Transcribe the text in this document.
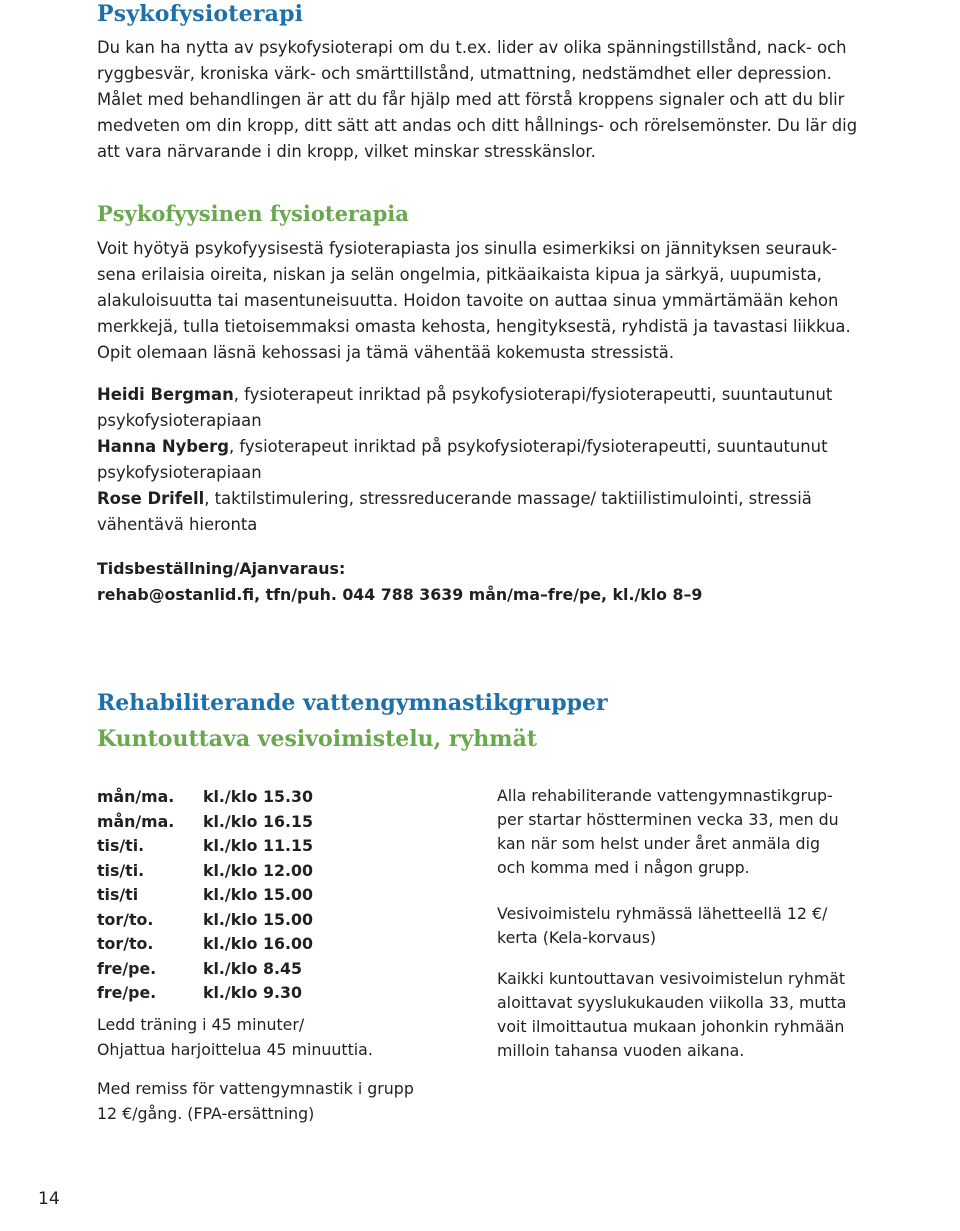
Psykofysioterapi
Du kan ha nytta av psykofysioterapi om du t.ex. lider av olika spänningstillstånd, nack- och
ryggbesvär, kroniska värk- och smärttillstånd, utmattning, nedstämdhet eller depression.
Målet med behandlingen är att du får hjälp med att förstå kroppens signaler och att du blir
medveten om din kropp, ditt sätt att andas och ditt hållnings- och rörelsemönster. Du lär dig
att vara närvarande i din kropp, vilket minskar stresskänslor.
Psykofyysinen fysioterapia
Voit hyötyä psykofyysisestä fysioterapiasta jos sinulla esimerkiksi on jännityksen seurauk-
sena erilaisia oireita, niskan ja selän ongelmia, pitkäaikaista kipua ja särkyä, uupumista,
alakuloisuutta tai masentuneisuutta. Hoidon tavoite on auttaa sinua ymmärtämään kehon
merkkejä, tulla tietoisemmaksi omasta kehosta, hengityksestä, ryhdistä ja tavastasi liikkua.
Opit olemaan läsnä kehossasi ja tämä vähentää kokemusta stressistä.
Heidi Bergman, fysioterapeut inriktad på psykofysioterapi/fysioterapeutti, suuntautunut
psykofysioterapiaan
Hanna Nyberg, fysioterapeut inriktad på psykofysioterapi/fysioterapeutti, suuntautunut
psykofysioterapiaan
Rose Drifell, taktilstimulering, stressreducerande massage/ taktiilistimulointi, stressiä
vähentävä hieronta
Tidsbeställning/Ajanvaraus:
rehab@ostanlid.fi, tfn/puh. 044 788 3639 mån/ma–fre/pe, kl./klo 8–9
Rehabiliterande vattengymnastikgrupper
Kuntouttava vesivoimistelu, ryhmät
mån/ma. kl./klo 15.30
mån/ma. kl./klo 16.15
tis/ti.	kl./klo 11.15
tis/ti.	kl./klo 12.00
tis/ti	kl./klo 15.00
tor/to.	kl./klo 15.00
tor/to.	kl./klo 16.00
fre/pe.	kl./klo 8.45
fre/pe.	kl./klo 9.30
Ledd träning i 45 minuter/
Ohjattua harjoittelua 45 minuuttia.
Med remiss för vattengymnastik i grupp
12 €/gång. (FPA-ersättning)
Alla rehabiliterande vattengymnastikgrup-
per startar höstterminen vecka 33, men du
kan när som helst under året anmäla dig
och komma med i någon grupp.
Vesivoimistelu ryhmässä lähetteellä 12 €/
kerta (Kela-korvaus)
Kaikki kuntouttavan vesivoimistelun ryhmät
aloittavat syyslukukauden viikolla 33, mutta
voit ilmoittautua mukaan johonkin ryhmään
milloin tahansa vuoden aikana.
14
